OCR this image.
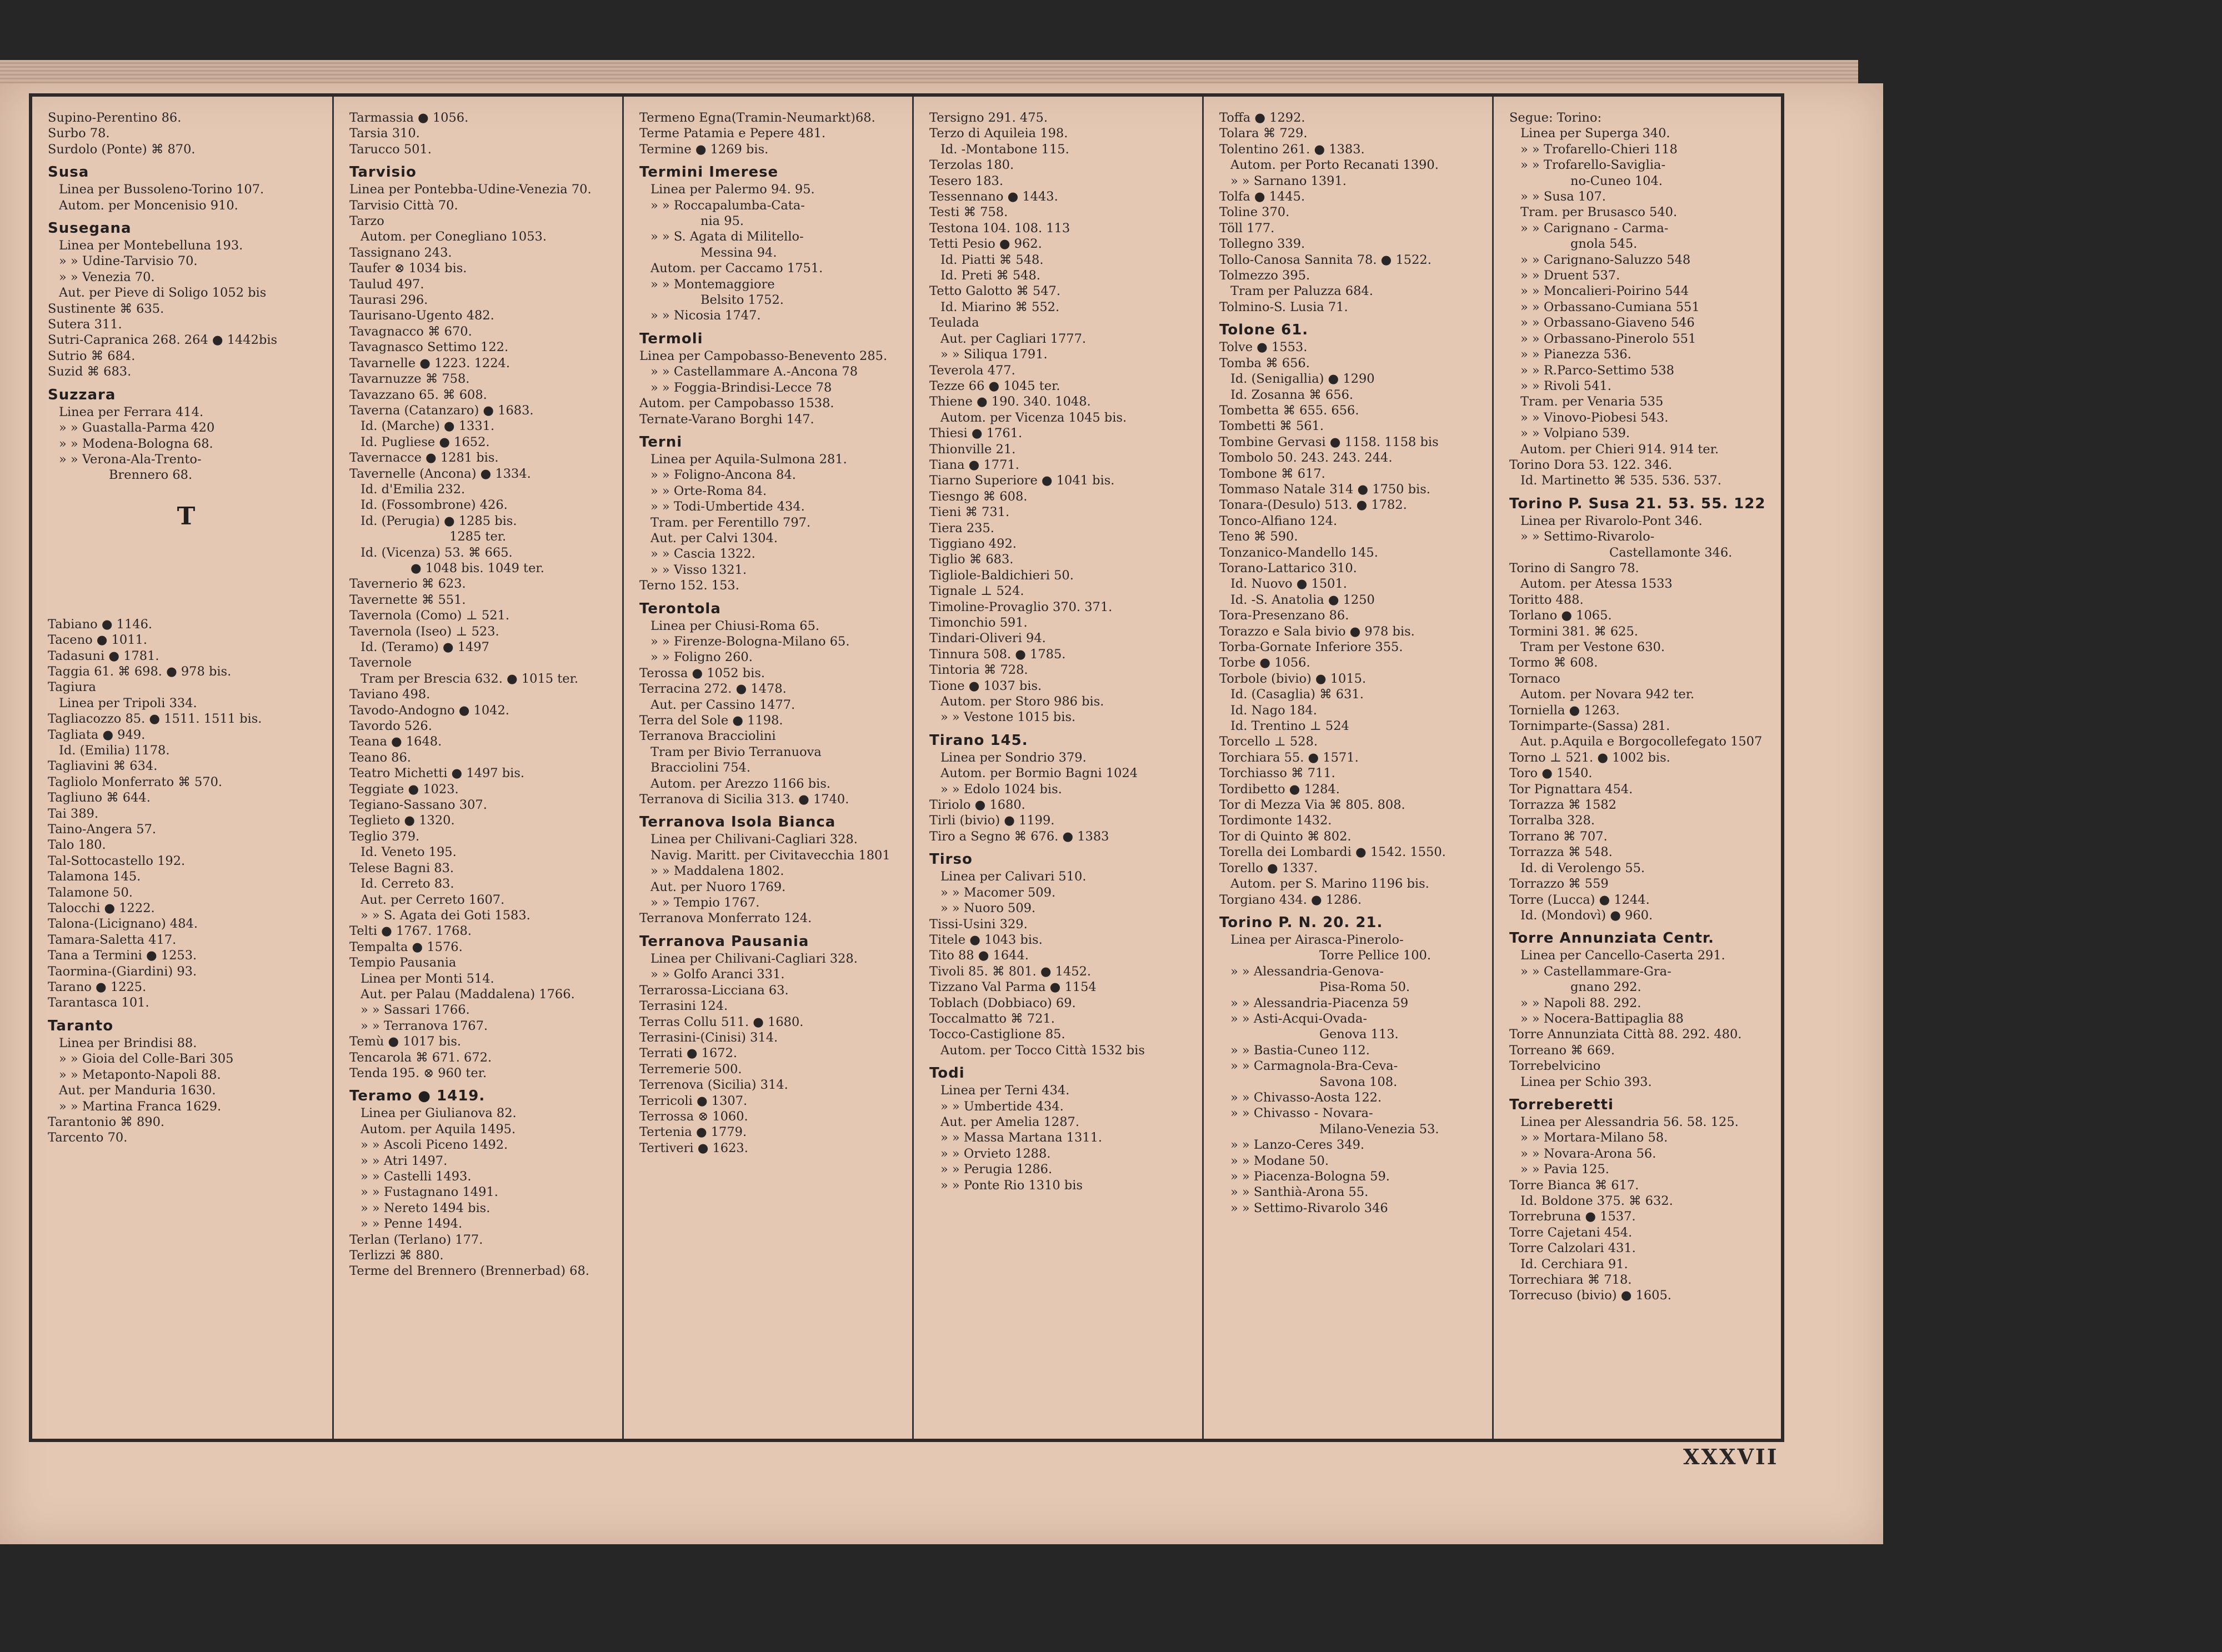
Supino-Perentino 86.
Surbo 78.
Surdolo (Ponte) ⌘ 870.
Susa
Linea per Bussoleno-Torino 107.
Autom. per Moncenisio 910.
Susegana
Linea per Montebelluna 193.
» » Udine-Tarvisio 70.
» » Venezia 70.
Aut. per Pieve di Soligo 1052 bis
Sustinente ⌘ 635.
Sutera 311.
Sutri-Capranica 268. 264 ● 1442bis
Sutrio ⌘ 684.
Suzid ⌘ 683.
Suzzara
Linea per Ferrara 414.
» » Guastalla-Parma 420
» » Modena-Bologna 68.
» » Verona-Ala-Trento-
Brennero 68.
T
Tabiano ● 1146.
Taceno ● 1011.
Tadasuni ● 1781.
Taggia 61. ⌘ 698. ● 978 bis.
Tagiura
Linea per Tripoli 334.
Tagliacozzo 85. ● 1511. 1511 bis.
Tagliata ● 949.
Id. (Emilia) 1178.
Tagliavini ⌘ 634.
Tagliolo Monferrato ⌘ 570.
Tagliuno ⌘ 644.
Tai 389.
Taino-Angera 57.
Talo 180.
Tal-Sottocastello 192.
Talamona 145.
Talamone 50.
Talocchi ● 1222.
Talona-(Licignano) 484.
Tamara-Saletta 417.
Tana a Termini ● 1253.
Taormina-(Giardini) 93.
Tarano ● 1225.
Tarantasca 101.
Taranto
Linea per Brindisi 88.
» » Gioia del Colle-Bari 305
» » Metaponto-Napoli 88.
Aut. per Manduria 1630.
» » Martina Franca 1629.
Tarantonio ⌘ 890.
Tarcento 70.
Tarmassia ● 1056.
Tarsia 310.
Tarucco 501.
Tarvisio
Linea per Pontebba-Udine-Venezia 70.
Tarvisio Città 70.
Tarzo
Autom. per Conegliano 1053.
Tassignano 243.
Taufer ⊗ 1034 bis.
Taulud 497.
Taurasi 296.
Taurisano-Ugento 482.
Tavagnacco ⌘ 670.
Tavagnasco Settimo 122.
Tavarnelle ● 1223. 1224.
Tavarnuzze ⌘ 758.
Tavazzano 65. ⌘ 608.
Taverna (Catanzaro) ● 1683.
Id. (Marche) ● 1331.
Id. Pugliese ● 1652.
Tavernacce ● 1281 bis.
Tavernelle (Ancona) ● 1334.
Id. d'Emilia 232.
Id. (Fossombrone) 426.
Id. (Perugia) ● 1285 bis.
1285 ter.
Id. (Vicenza) 53. ⌘ 665.
● 1048 bis. 1049 ter.
Tavernerio ⌘ 623.
Tavernette ⌘ 551.
Tavernola (Como) ⊥ 521.
Tavernola (Iseo) ⊥ 523.
Id. (Teramo) ● 1497
Tavernole
Tram per Brescia 632. ● 1015 ter.
Taviano 498.
Tavodo-Andogno ● 1042.
Tavordo 526.
Teana ● 1648.
Teano 86.
Teatro Michetti ● 1497 bis.
Teggiate ● 1023.
Tegiano-Sassano 307.
Teglieto ● 1320.
Teglio 379.
Id. Veneto 195.
Telese Bagni 83.
Id. Cerreto 83.
Aut. per Cerreto 1607.
» » S. Agata dei Goti 1583.
Telti ● 1767. 1768.
Tempalta ● 1576.
Tempio Pausania
Linea per Monti 514.
Aut. per Palau (Maddalena) 1766.
» » Sassari 1766.
» » Terranova 1767.
Temù ● 1017 bis.
Tencarola ⌘ 671. 672.
Tenda 195. ⊗ 960 ter.
Teramo ● 1419.
Linea per Giulianova 82.
Autom. per Aquila 1495.
» » Ascoli Piceno 1492.
» » Atri 1497.
» » Castelli 1493.
» » Fustagnano 1491.
» » Nereto 1494 bis.
» » Penne 1494.
Terlan (Terlano) 177.
Terlizzi ⌘ 880.
Terme del Brennero (Brennerbad) 68.
Termeno Egna(Tramin-Neumarkt)68.
Terme Patamia e Pepere 481.
Termine ● 1269 bis.
Termini Imerese
Linea per Palermo 94. 95.
» » Roccapalumba-Cata-
nia 95.
» » S. Agata di Militello-
Messina 94.
Autom. per Caccamo 1751.
» » Montemaggiore
Belsito 1752.
» » Nicosia 1747.
Termoli
Linea per Campobasso-Benevento 285.
» » Castellammare A.-Ancona 78
» » Foggia-Brindisi-Lecce 78
Autom. per Campobasso 1538.
Ternate-Varano Borghi 147.
Terni
Linea per Aquila-Sulmona 281.
» » Foligno-Ancona 84.
» » Orte-Roma 84.
» » Todi-Umbertide 434.
Tram. per Ferentillo 797.
Aut. per Calvi 1304.
» » Cascia 1322.
» » Visso 1321.
Terno 152. 153.
Terontola
Linea per Chiusi-Roma 65.
» » Firenze-Bologna-Milano 65.
» » Foligno 260.
Terossa ● 1052 bis.
Terracina 272. ● 1478.
Aut. per Cassino 1477.
Terra del Sole ● 1198.
Terranova Bracciolini
Tram per Bivio Terranuova
Bracciolini 754.
Autom. per Arezzo 1166 bis.
Terranova di Sicilia 313. ● 1740.
Terranova Isola Bianca
Linea per Chilivani-Cagliari 328.
Navig. Maritt. per Civitavecchia 1801
» » Maddalena 1802.
Aut. per Nuoro 1769.
» » Tempio 1767.
Terranova Monferrato 124.
Terranova Pausania
Linea per Chilivani-Cagliari 328.
» » Golfo Aranci 331.
Terrarossa-Licciana 63.
Terrasini 124.
Terras Collu 511. ● 1680.
Terrasini-(Cinisi) 314.
Terrati ● 1672.
Terremerie 500.
Terrenova (Sicilia) 314.
Terricoli ● 1307.
Terrossa ⊗ 1060.
Tertenia ● 1779.
Tertiveri ● 1623.
Tersigno 291. 475.
Terzo di Aquileia 198.
Id. -Montabone 115.
Terzolas 180.
Tesero 183.
Tessennano ● 1443.
Testi ⌘ 758.
Testona 104. 108. 113
Tetti Pesio ● 962.
Id. Piatti ⌘ 548.
Id. Preti ⌘ 548.
Tetto Galotto ⌘ 547.
Id. Miarino ⌘ 552.
Teulada
Aut. per Cagliari 1777.
» » Siliqua 1791.
Teverola 477.
Tezze 66 ● 1045 ter.
Thiene ● 190. 340. 1048.
Autom. per Vicenza 1045 bis.
Thiesi ● 1761.
Thionville 21.
Tiana ● 1771.
Tiarno Superiore ● 1041 bis.
Tiesngo ⌘ 608.
Tieni ⌘ 731.
Tiera 235.
Tiggiano 492.
Tiglio ⌘ 683.
Tigliole-Baldichieri 50.
Tignale ⊥ 524.
Timoline-Provaglio 370. 371.
Timonchio 591.
Tindari-Oliveri 94.
Tinnura 508. ● 1785.
Tintoria ⌘ 728.
Tione ● 1037 bis.
Autom. per Storo 986 bis.
» » Vestone 1015 bis.
Tirano 145.
Linea per Sondrio 379.
Autom. per Bormio Bagni 1024
» » Edolo 1024 bis.
Tiriolo ● 1680.
Tirli (bivio) ● 1199.
Tiro a Segno ⌘ 676. ● 1383
Tirso
Linea per Calivari 510.
» » Macomer 509.
» » Nuoro 509.
Tissi-Usini 329.
Titele ● 1043 bis.
Tito 88 ● 1644.
Tivoli 85. ⌘ 801. ● 1452.
Tizzano Val Parma ● 1154
Toblach (Dobbiaco) 69.
Toccalmatto ⌘ 721.
Tocco-Castiglione 85.
Autom. per Tocco Città 1532 bis
Todi
Linea per Terni 434.
» » Umbertide 434.
Aut. per Amelia 1287.
» » Massa Martana 1311.
» » Orvieto 1288.
» » Perugia 1286.
» » Ponte Rio 1310 bis
Toffa ● 1292.
Tolara ⌘ 729.
Tolentino 261. ● 1383.
Autom. per Porto Recanati 1390.
» » Sarnano 1391.
Tolfa ● 1445.
Toline 370.
Töll 177.
Tollegno 339.
Tollo-Canosa Sannita 78. ● 1522.
Tolmezzo 395.
Tram per Paluzza 684.
Tolmino-S. Lusia 71.
Tolone 61.
Tolve ● 1553.
Tomba ⌘ 656.
Id. (Senigallia) ● 1290
Id. Zosanna ⌘ 656.
Tombetta ⌘ 655. 656.
Tombetti ⌘ 561.
Tombine Gervasi ● 1158. 1158 bis
Tombolo 50. 243. 243. 244.
Tombone ⌘ 617.
Tommaso Natale 314 ● 1750 bis.
Tonara-(Desulo) 513. ● 1782.
Tonco-Alfiano 124.
Teno ⌘ 590.
Tonzanico-Mandello 145.
Torano-Lattarico 310.
Id. Nuovo ● 1501.
Id. -S. Anatolia ● 1250
Tora-Presenzano 86.
Torazzo e Sala bivio ● 978 bis.
Torba-Gornate Inferiore 355.
Torbe ● 1056.
Torbole (bivio) ● 1015.
Id. (Casaglia) ⌘ 631.
Id. Nago 184.
Id. Trentino ⊥ 524
Torcello ⊥ 528.
Torchiara 55. ● 1571.
Torchiasso ⌘ 711.
Tordibetto ● 1284.
Tor di Mezza Via ⌘ 805. 808.
Tordimonte 1432.
Tor di Quinto ⌘ 802.
Torella dei Lombardi ● 1542. 1550.
Torello ● 1337.
Autom. per S. Marino 1196 bis.
Torgiano 434. ● 1286.
Torino P. N. 20. 21.
Linea per Airasca-Pinerolo-
Torre Pellice 100.
» » Alessandria-Genova-
Pisa-Roma 50.
» » Alessandria-Piacenza 59
» » Asti-Acqui-Ovada-
Genova 113.
» » Bastia-Cuneo 112.
» » Carmagnola-Bra-Ceva-
Savona 108.
» » Chivasso-Aosta 122.
» » Chivasso - Novara-
Milano-Venezia 53.
» » Lanzo-Ceres 349.
» » Modane 50.
» » Piacenza-Bologna 59.
» » Santhià-Arona 55.
» » Settimo-Rivarolo 346
Segue: Torino:
Linea per Superga 340.
» » Trofarello-Chieri 118
» » Trofarello-Saviglia-
no-Cuneo 104.
» » Susa 107.
Tram. per Brusasco 540.
» » Carignano - Carma-
gnola 545.
» » Carignano-Saluzzo 548
» » Druent 537.
» » Moncalieri-Poirino 544
» » Orbassano-Cumiana 551
» » Orbassano-Giaveno 546
» » Orbassano-Pinerolo 551
» » Pianezza 536.
» » R.Parco-Settimo 538
» » Rivoli 541.
Tram. per Venaria 535
» » Vinovo-Piobesi 543.
» » Volpiano 539.
Autom. per Chieri 914. 914 ter.
Torino Dora 53. 122. 346.
Id. Martinetto ⌘ 535. 536. 537.
Torino P. Susa 21. 53. 55. 122
Linea per Rivarolo-Pont 346.
» » Settimo-Rivarolo-
Castellamonte 346.
Torino di Sangro 78.
Autom. per Atessa 1533
Toritto 488.
Torlano ● 1065.
Tormini 381. ⌘ 625.
Tram per Vestone 630.
Tormo ⌘ 608.
Tornaco
Autom. per Novara 942 ter.
Torniella ● 1263.
Tornimparte-(Sassa) 281.
Aut. p.Aquila e Borgocollefegato 1507
Torno ⊥ 521. ● 1002 bis.
Toro ● 1540.
Tor Pignattara 454.
Torrazza ⌘ 1582
Torralba 328.
Torrano ⌘ 707.
Torrazza ⌘ 548.
Id. di Verolengo 55.
Torrazzo ⌘ 559
Torre (Lucca) ● 1244.
Id. (Mondovì) ● 960.
Torre Annunziata Centr.
Linea per Cancello-Caserta 291.
» » Castellammare-Gra-
gnano 292.
» » Napoli 88. 292.
» » Nocera-Battipaglia 88
Torre Annunziata Città 88. 292. 480.
Torreano ⌘ 669.
Torrebelvicino
Linea per Schio 393.
Torreberetti
Linea per Alessandria 56. 58. 125.
» » Mortara-Milano 58.
» » Novara-Arona 56.
» » Pavia 125.
Torre Bianca ⌘ 617.
Id. Boldone 375. ⌘ 632.
Torrebruna ● 1537.
Torre Cajetani 454.
Torre Calzolari 431.
Id. Cerchiara 91.
Torrechiara ⌘ 718.
Torrecuso (bivio) ● 1605.
XXXVII
